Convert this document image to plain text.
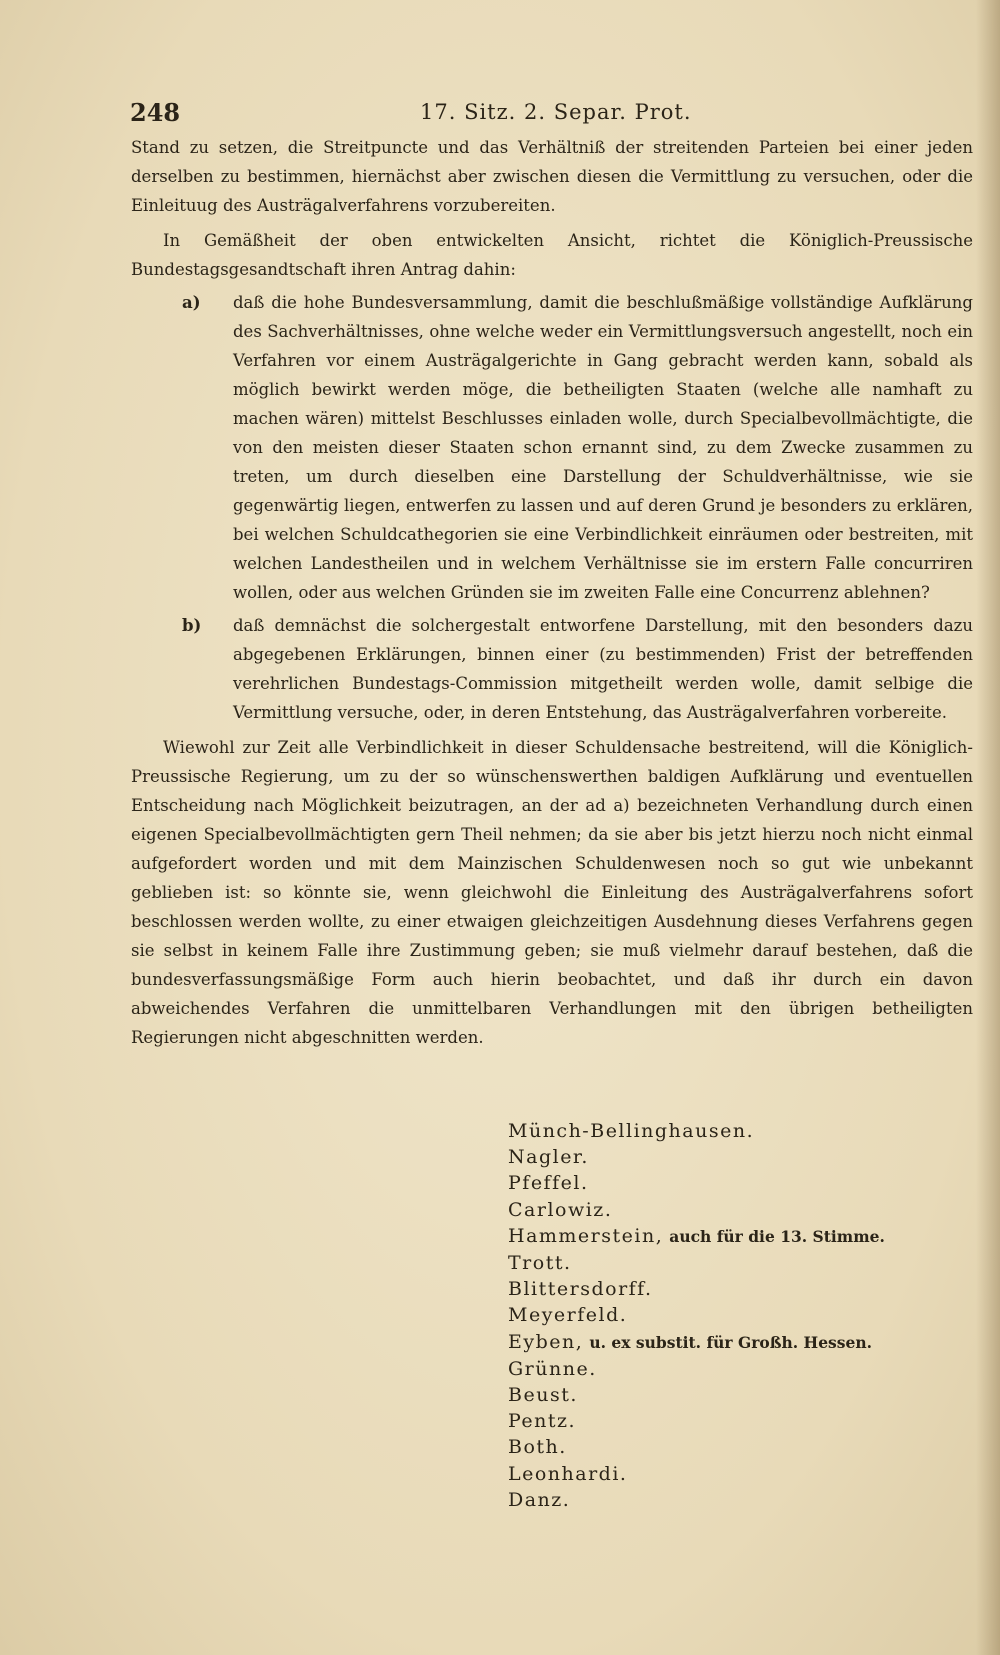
248	17. Sitz. 2. Separ. Prot.

Stand zu setzen, die Streitpuncte und das Verhältniß der streitenden Parteien bei einer jeden derselben zu bestimmen, hiernächst aber zwischen diesen die Vermittlung zu versuchen, oder die Einleituug des Austrägalverfahrens vorzubereiten.

In Gemäßheit der oben entwickelten Ansicht, richtet die Königlich-Preussische Bundestagsgesandtschaft ihren Antrag dahin:

a)	daß die hohe Bundesversammlung, damit die beschlußmäßige vollständige Aufklärung des Sachverhältnisses, ohne welche weder ein Vermittlungsversuch angestellt, noch ein Verfahren vor einem Austrägalgerichte in Gang gebracht werden kann, sobald als möglich bewirkt werden möge, die betheiligten Staaten (welche alle namhaft zu machen wären) mittelst Beschlusses einladen wolle, durch Specialbevollmächtigte, die von den meisten dieser Staaten schon ernannt sind, zu dem Zwecke zusammen zu treten, um durch dieselben eine Darstellung der Schuldverhältnisse, wie sie gegenwärtig liegen, entwerfen zu lassen und auf deren Grund je besonders zu erklären, bei welchen Schuldcathegorien sie eine Verbindlichkeit einräumen oder bestreiten, mit welchen Landestheilen und in welchem Verhältnisse sie im erstern Falle concurriren wollen, oder aus welchen Gründen sie im zweiten Falle eine Concurrenz ablehnen?
b)	daß demnächst die solchergestalt entworfene Darstellung, mit den besonders dazu abgegebenen Erklärungen, binnen einer (zu bestimmenden) Frist der betreffenden verehrlichen Bundestags-Commission mitgetheilt werden wolle, damit selbige die Vermittlung versuche, oder, in deren Entstehung, das Austrägalverfahren vorbereite.

Wiewohl zur Zeit alle Verbindlichkeit in dieser Schuldensache bestreitend, will die Königlich-Preussische Regierung, um zu der so wünschenswerthen baldigen Aufklärung und eventuellen Entscheidung nach Möglichkeit beizutragen, an der ad a) bezeichneten Verhandlung durch einen eigenen Specialbevollmächtigten gern Theil nehmen; da sie aber bis jetzt hierzu noch nicht einmal aufgefordert worden und mit dem Mainzischen Schuldenwesen noch so gut wie unbekannt geblieben ist: so könnte sie, wenn gleichwohl die Einleitung des Austrägalverfahrens sofort beschlossen werden wollte, zu einer etwaigen gleichzeitigen Ausdehnung dieses Verfahrens gegen sie selbst in keinem Falle ihre Zustimmung geben; sie muß vielmehr darauf bestehen, daß die bundesverfassungsmäßige Form auch hierin beobachtet, und daß ihr durch ein davon abweichendes Verfahren die unmittelbaren Verhandlungen mit den übrigen betheiligten Regierungen nicht abgeschnitten werden.

Münch-Bellinghausen.
Nagler.
Pfeffel.
Carlowiz.
Hammerstein, auch für die 13. Stimme.
Trott.
Blittersdorff.
Meyerfeld.
Eyben, u. ex substit. für Großh. Hessen.
Grünne.
Beust.
Pentz.
Both.
Leonhardi.
Danz.
